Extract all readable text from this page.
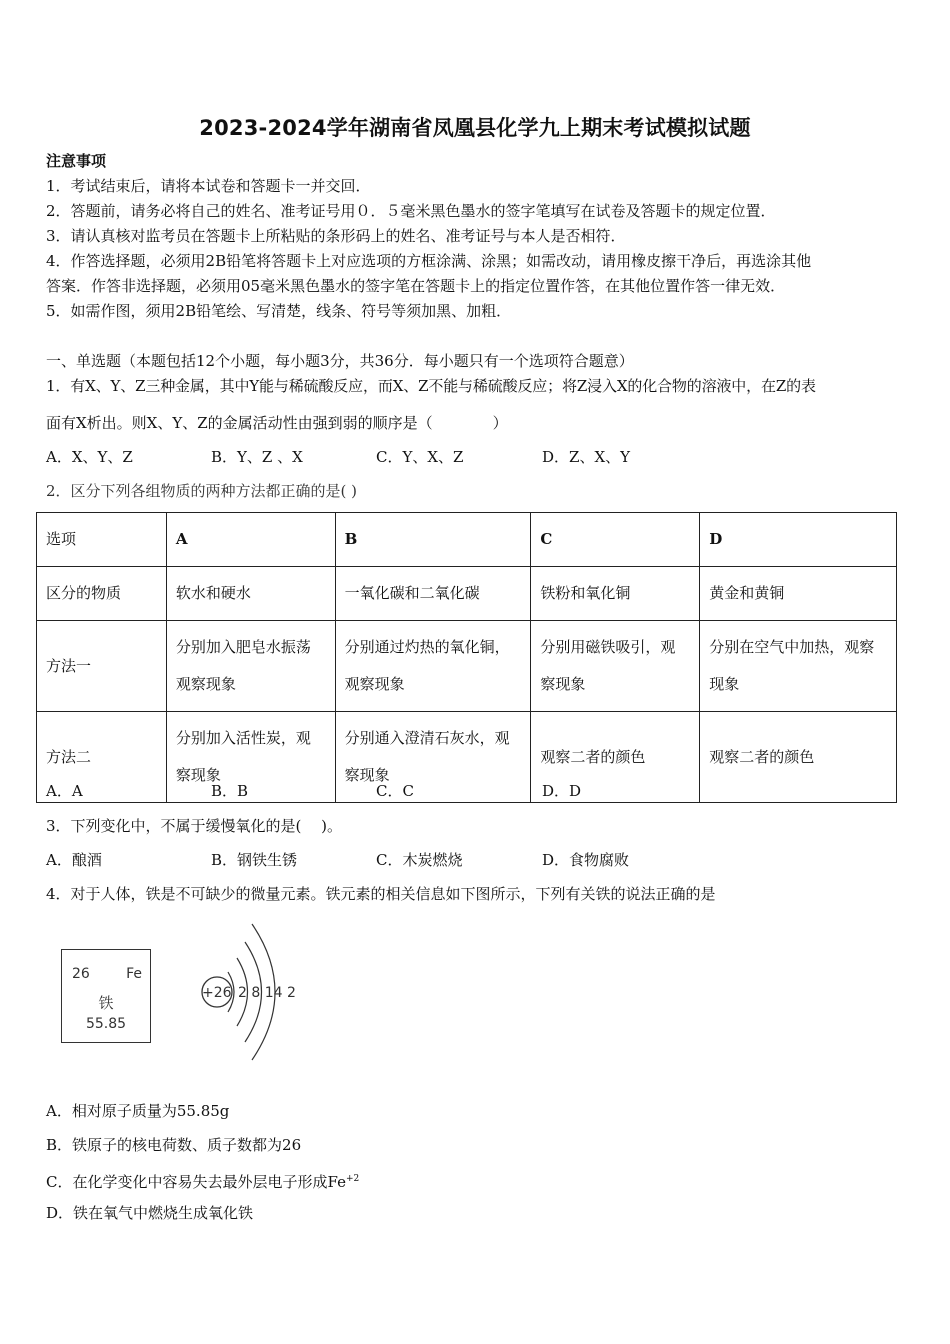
2023-2024学年湖南省凤凰县化学九上期末考试模拟试题
注意事项
1．考试结束后，请将本试卷和答题卡一并交回．
2．答题前，请务必将自己的姓名、准考证号用０．５毫米黑色墨水的签字笔填写在试卷及答题卡的规定位置．
3．请认真核对监考员在答题卡上所粘贴的条形码上的姓名、准考证号与本人是否相符．
4．作答选择题，必须用2B铅笔将答题卡上对应选项的方框涂满、涂黑；如需改动，请用橡皮擦干净后，再选涂其他
答案．作答非选择题，必须用05毫米黑色墨水的签字笔在答题卡上的指定位置作答，在其他位置作答一律无效．
5．如需作图，须用2B铅笔绘、写清楚，线条、符号等须加黑、加粗．
一、单选题（本题包括12个小题，每小题3分，共36分．每小题只有一个选项符合题意）
1．有X、Y、Z三种金属，其中Y能与稀硫酸反应，而X、Z不能与稀硫酸反应；将Z浸入X的化合物的溶液中，在Z的表
面有X析出。则X、Y、Z的金属活动性由强到弱的顺序是（　　　　）
A．X、Y、Z	B．Y、Z 、X	C．Y、X、Z	D．Z、X、Y
2．区分下列各组物质的两种方法都正确的是( )
选项	A	B	C	D
区分的物质	软水和硬水	一氧化碳和二氧化碳	铁粉和氧化铜	黄金和黄铜
方法一	分别加入肥皂水振荡观察现象	分别通过灼热的氧化铜，观察现象	分别用磁铁吸引，观察现象	分别在空气中加热，观察现象
方法二	分别加入活性炭，观察现象	分别通入澄清石灰水，观察现象	观察二者的颜色	观察二者的颜色
A．A	B．B	C．C	D．D
3．下列变化中，不属于缓慢氧化的是(　 )。
A．酿酒	B．钢铁生锈	C．木炭燃烧	D．食物腐败
4．对于人体，铁是不可缺少的微量元素。铁元素的相关信息如下图所示，下列有关铁的说法正确的是
26	Fe
铁
55.85
+26 2 8 14 2
A．相对原子质量为55.85g
B．铁原子的核电荷数、质子数都为26
C．在化学变化中容易失去最外层电子形成$Fe^{+2}$
D．铁在氧气中燃烧生成氧化铁
